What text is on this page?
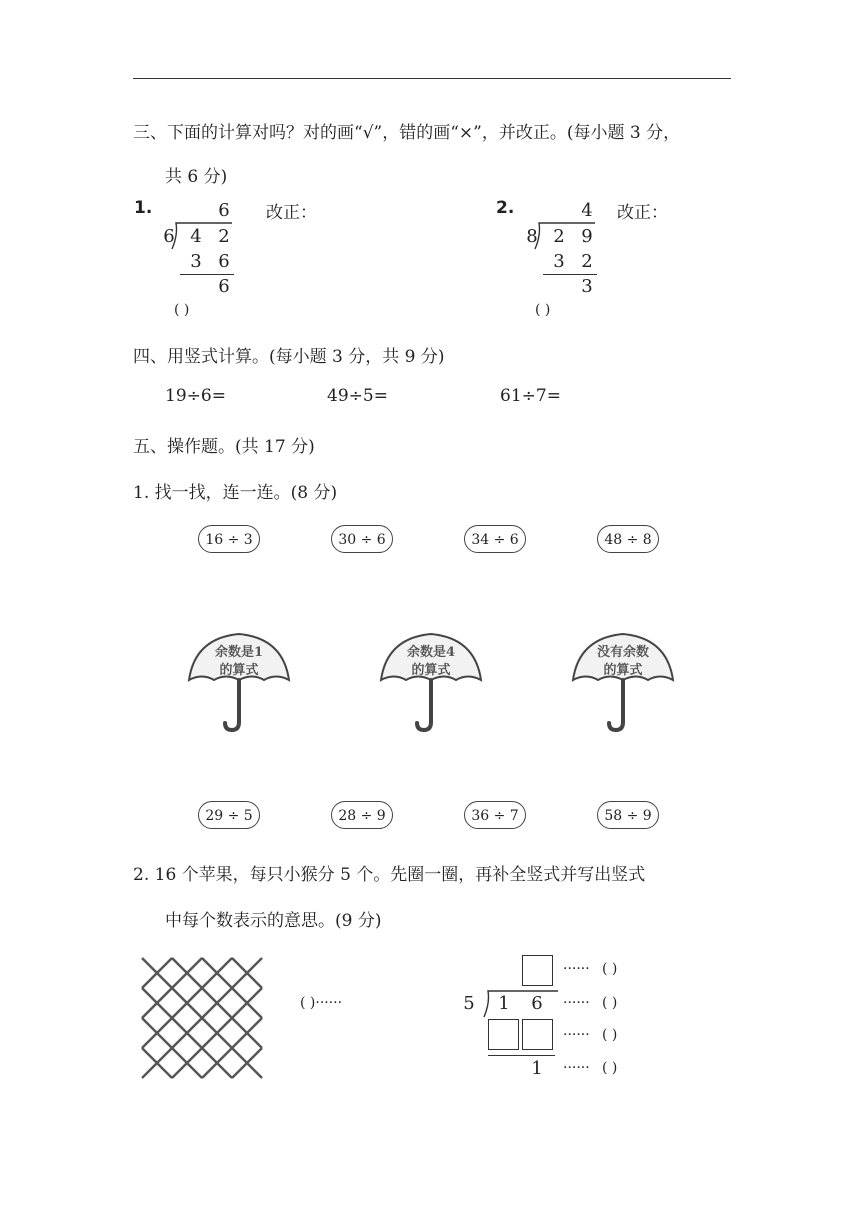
三、下面的计算对吗？对的画“√”，错的画“×”，并改正。(每小题 3 分，
共 6 分)
1.	改正：
6
6 4 2
3 6
6
( )
2.	改正：
4
8 2 9
3 2
3
( )
四、用竖式计算。(每小题 3 分，共 9 分)
19÷6=	49÷5=	61÷7=
五、操作题。(共 17 分)
1. 找一找，连一连。(8 分)
16 ÷ 3	30 ÷ 6	34 ÷ 6	48 ÷ 8
余数是1
的算式
余数是4
的算式
没有余数
的算式
29 ÷ 5	28 ÷ 9	36 ÷ 7	58 ÷ 9
2. 16 个苹果，每只小猴分 5 个。先圈一圈，再补全竖式并写出竖式
中每个数表示的意思。(9 分)
( )······	5 1 6
1
······
······
······
······
( )
( )
( )
( )
